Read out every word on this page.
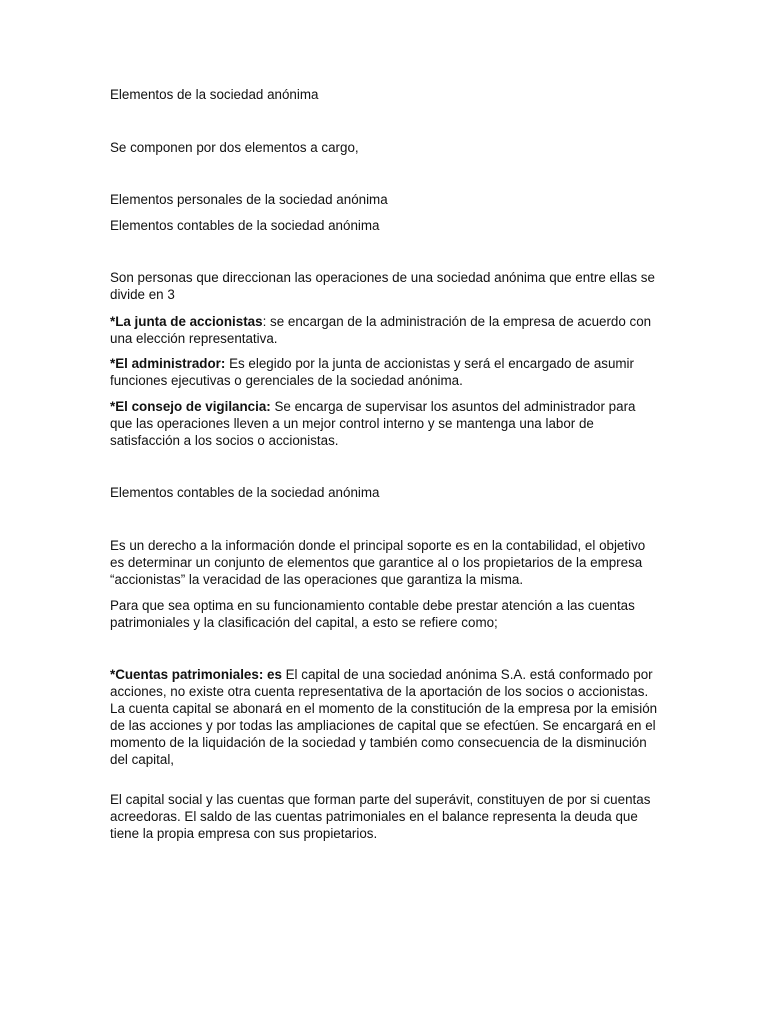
Elementos de la sociedad anónima

Se componen por dos elementos a cargo,

Elementos personales de la sociedad anónima

Elementos contables de la sociedad anónima

Son personas que direccionan las operaciones de una sociedad anónima que entre ellas se divide en 3

*La junta de accionistas: se encargan de la administración de la empresa de acuerdo con una elección representativa.

*El administrador: Es elegido por la junta de accionistas y será el encargado de asumir funciones ejecutivas o gerenciales de la sociedad anónima.

*El consejo de vigilancia: Se encarga de supervisar los asuntos del administrador para que las operaciones lleven a un mejor control interno y se mantenga una labor de satisfacción a los socios o accionistas.

Elementos contables de la sociedad anónima

Es un derecho a la información donde el principal soporte es en la contabilidad, el objetivo es determinar un conjunto de elementos que garantice al o los propietarios de la empresa “accionistas” la veracidad de las operaciones que garantiza la misma.

Para que sea optima en su funcionamiento contable debe prestar atención a las cuentas patrimoniales y la clasificación del capital, a esto se refiere como;

*Cuentas patrimoniales: es El capital de una sociedad anónima S.A. está conformado por acciones, no existe otra cuenta representativa de la aportación de los socios o accionistas. La cuenta capital se abonará en el momento de la constitución de la empresa por la emisión de las acciones y por todas las ampliaciones de capital que se efectúen. Se encargará en el momento de la liquidación de la sociedad y también como consecuencia de la disminución del capital,

El capital social y las cuentas que forman parte del superávit, constituyen de por si cuentas acreedoras. El saldo de las cuentas patrimoniales en el balance representa la deuda que tiene la propia empresa con sus propietarios.
